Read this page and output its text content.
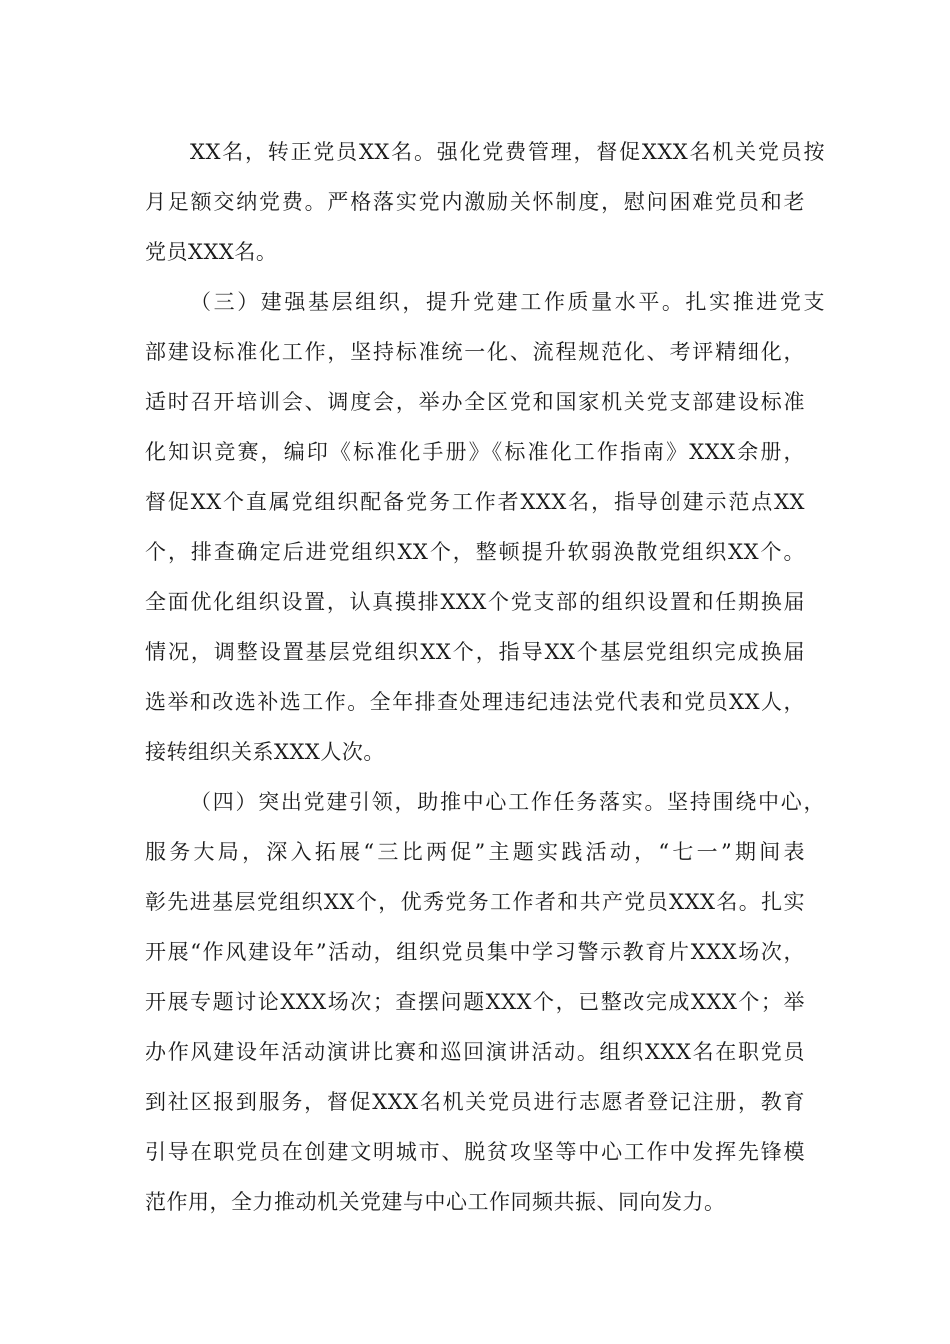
XX名，转正党员XX名。强化党费管理，督促XXX名机关党员按
月足额交纳党费。严格落实党内激励关怀制度，慰问困难党员和老
党员XXX名。
（三）建强基层组织，提升党建工作质量水平。扎实推进党支
部建设标准化工作，坚持标准统一化、流程规范化、考评精细化，
适时召开培训会、调度会，举办全区党和国家机关党支部建设标准
化知识竞赛，编印《标准化手册》《标准化工作指南》XXX余册，
督促XX个直属党组织配备党务工作者XXX名，指导创建示范点XX
个，排查确定后进党组织XX个，整顿提升软弱涣散党组织XX个。
全面优化组织设置，认真摸排XXX个党支部的组织设置和任期换届
情况，调整设置基层党组织XX个，指导XX个基层党组织完成换届
选举和改选补选工作。全年排查处理违纪违法党代表和党员XX人，
接转组织关系XXX人次。
（四）突出党建引领，助推中心工作任务落实。坚持围绕中心，
服务大局，深入拓展“三比两促”主题实践活动，“七一”期间表
彰先进基层党组织XX个，优秀党务工作者和共产党员XXX名。扎实
开展“作风建设年”活动，组织党员集中学习警示教育片XXX场次，
开展专题讨论XXX场次；查摆问题XXX个，已整改完成XXX个；举
办作风建设年活动演讲比赛和巡回演讲活动。组织XXX名在职党员
到社区报到服务，督促XXX名机关党员进行志愿者登记注册，教育
引导在职党员在创建文明城市、脱贫攻坚等中心工作中发挥先锋模
范作用，全力推动机关党建与中心工作同频共振、同向发力。
